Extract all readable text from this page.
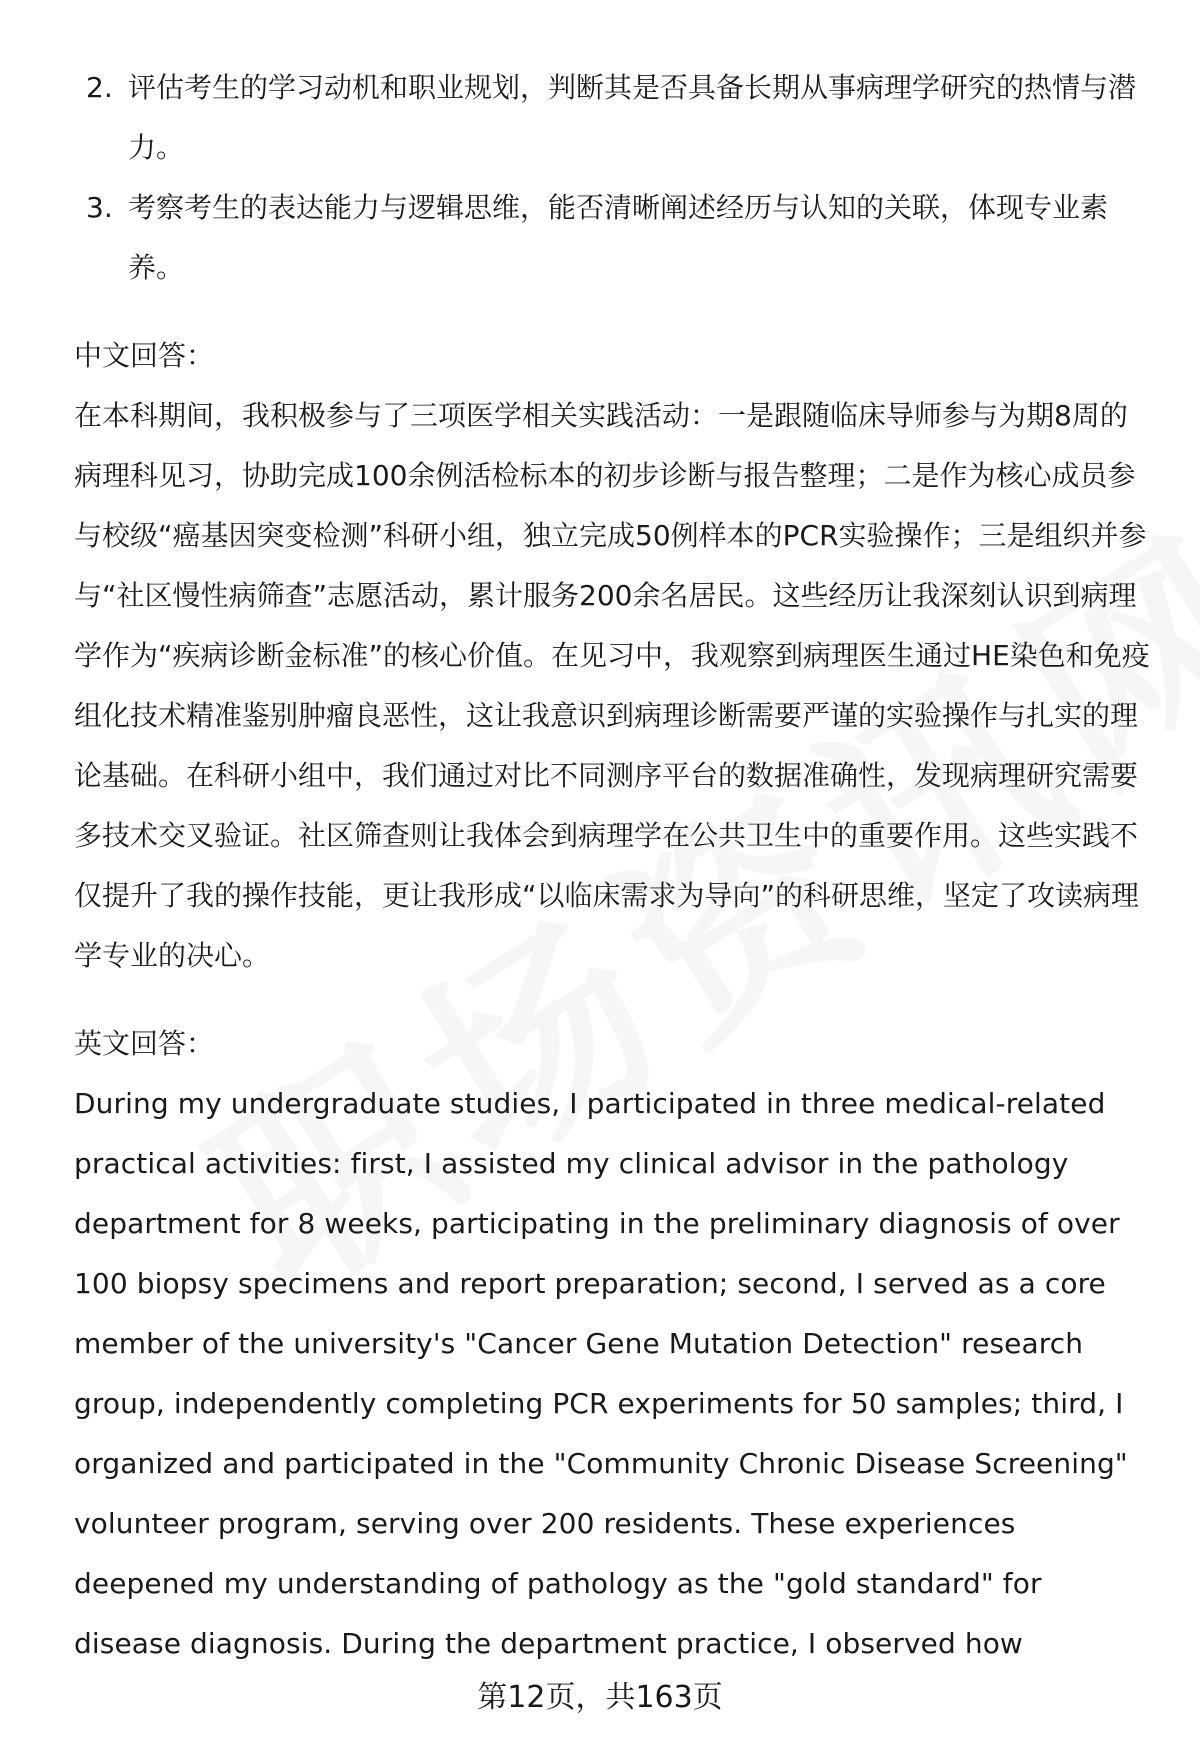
2. 评估考生的学习动机和职业规划，判断其是否具备长期从事病理学研究的热情与潜力。
3. 考察考生的表达能力与逻辑思维，能否清晰阐述经历与认知的关联，体现专业素养。
中文回答：

在本科期间，我积极参与了三项医学相关实践活动：一是跟随临床导师参与为期8周的病理科见习，协助完成100余例活检标本的初步诊断与报告整理；二是作为核心成员参与校级“癌基因突变检测”科研小组，独立完成50例样本的PCR实验操作；三是组织并参与“社区慢性病筛查”志愿活动，累计服务200余名居民。这些经历让我深刻认识到病理学作为“疾病诊断金标准”的核心价值。在见习中，我观察到病理医生通过HE染色和免疫组化技术精准鉴别肿瘤良恶性，这让我意识到病理诊断需要严谨的实验操作与扎实的理论基础。在科研小组中，我们通过对比不同测序平台的数据准确性，发现病理研究需要多技术交叉验证。社区筛查则让我体会到病理学在公共卫生中的重要作用。这些实践不仅提升了我的操作技能，更让我形成“以临床需求为导向”的科研思维，坚定了攻读病理学专业的决心。

英文回答：

During my undergraduate studies, I participated in three medical-related practical activities: first, I assisted my clinical advisor in the pathology department for 8 weeks, participating in the preliminary diagnosis of over 100 biopsy specimens and report preparation; second, I served as a core member of the university's "Cancer Gene Mutation Detection" research group, independently completing PCR experiments for 50 samples; third, I organized and participated in the "Community Chronic Disease Screening" volunteer program, serving over 200 residents. These experiences deepened my understanding of pathology as the "gold standard" for disease diagnosis. During the department practice, I observed how

第12页，共163页
